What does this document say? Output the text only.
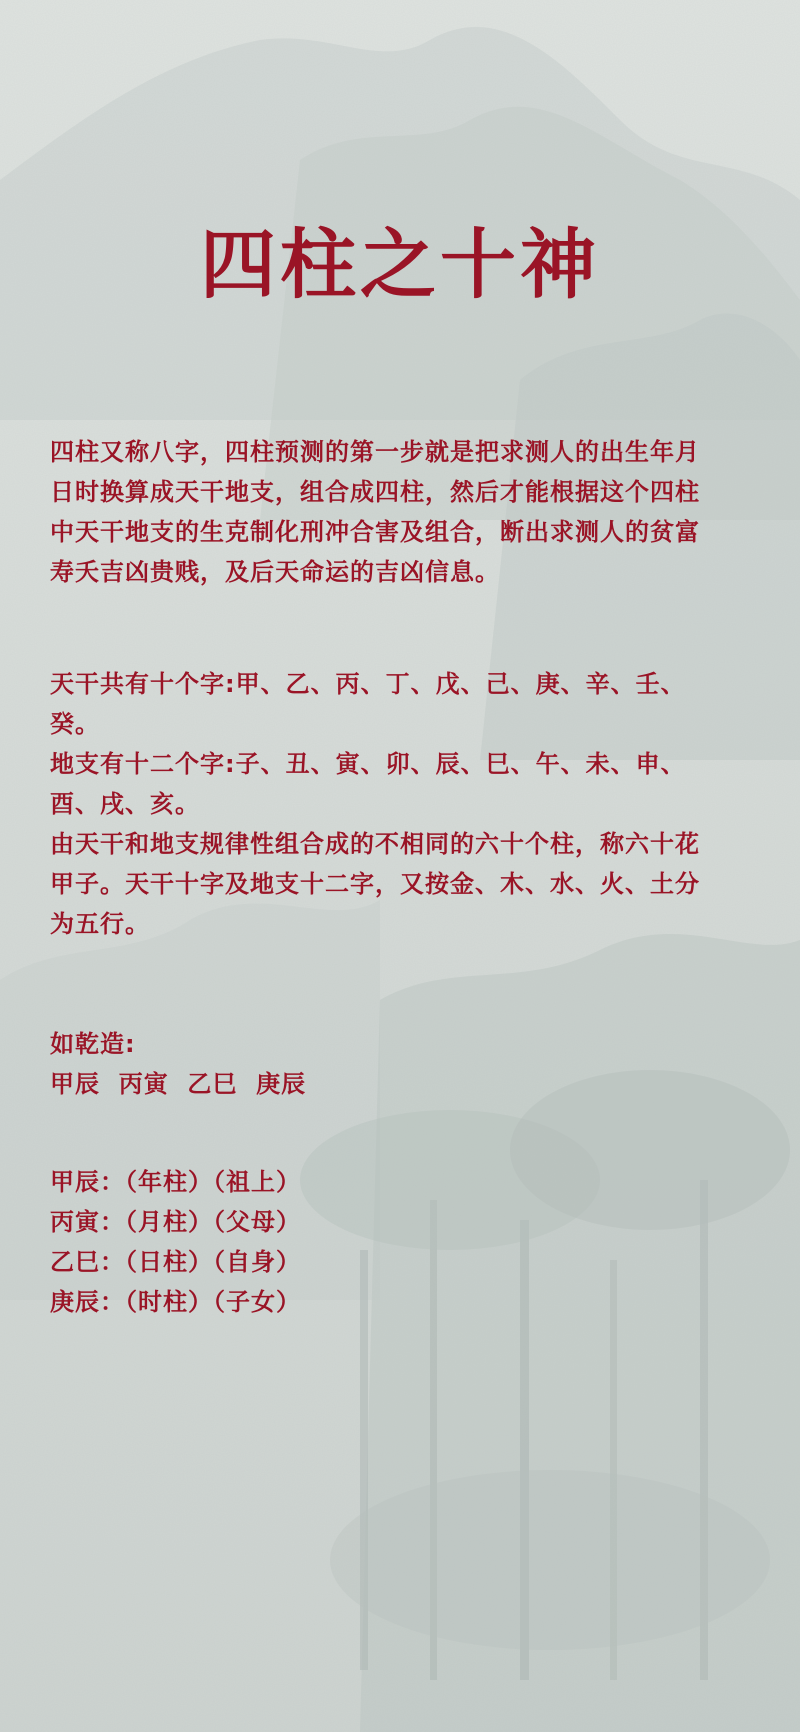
四柱之十神
四柱又称八字，四柱预测的第一步就是把求测人的出生年月
日时换算成天干地支，组合成四柱，然后才能根据这个四柱
中天干地支的生克制化刑冲合害及组合，断出求测人的贫富
寿夭吉凶贵贱，及后天命运的吉凶信息。
天干共有十个字:甲、乙、丙、丁、戊、己、庚、辛、壬、
癸。
地支有十二个字:子、丑、寅、卯、辰、巳、午、未、申、
酉、戌、亥。
由天干和地支规律性组合成的不相同的六十个柱，称六十花
甲子。天干十字及地支十二字，又按金、木、水、火、土分
为五行。
如乾造:
甲辰  丙寅  乙巳  庚辰
甲辰：（年柱）（祖上）
丙寅：（月柱）（父母）
乙巳：（日柱）（自身）
庚辰：（时柱）（子女）
